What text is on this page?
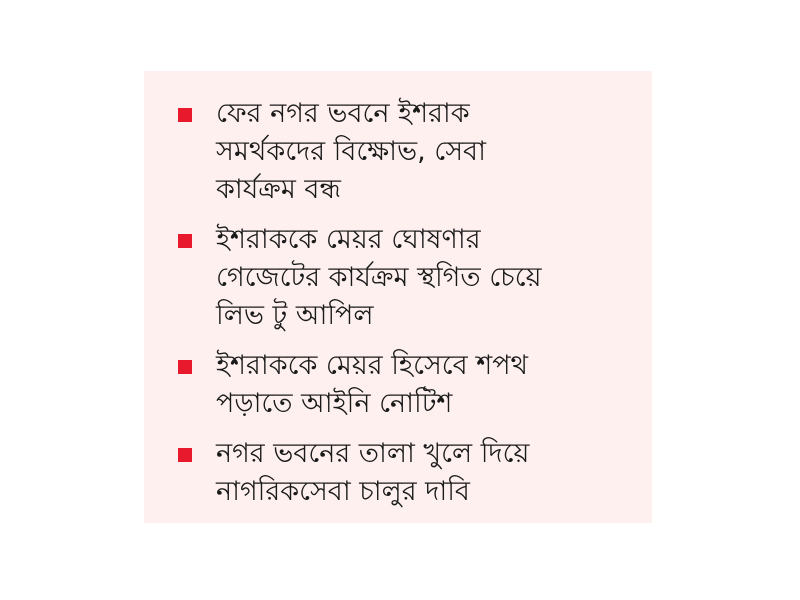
ফের নগর ভবনে ইশরাক
সমর্থকদের বিক্ষোভ, সেবা
কার্যক্রম বন্ধ
ইশরাককে মেয়র ঘোষণার
গেজেটের কার্যক্রম স্থগিত চেয়ে
লিভ টু আপিল
ইশরাককে মেয়র হিসেবে শপথ
পড়াতে আইনি নোটিশ
নগর ভবনের তালা খুলে দিয়ে
নাগরিকসেবা চালুর দাবি
